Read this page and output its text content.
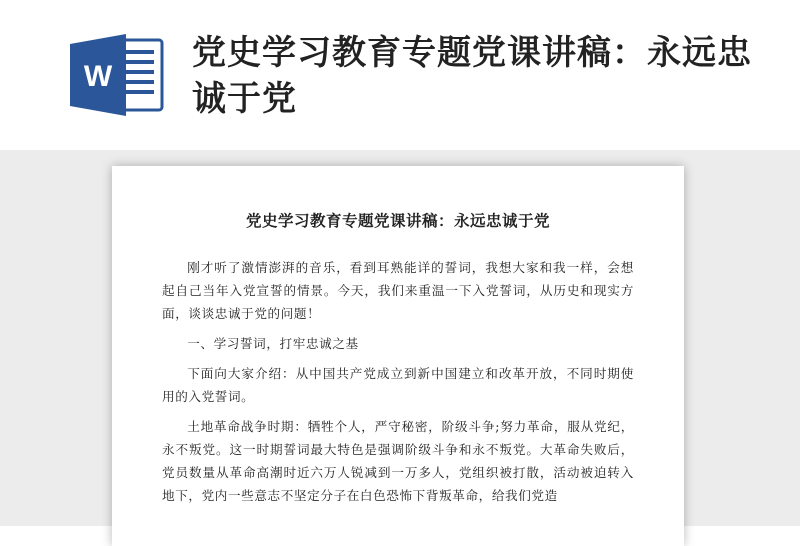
W
党史学习教育专题党课讲稿：永远忠诚于党
党史学习教育专题党课讲稿：永远忠诚于党

刚才听了激情澎湃的音乐，看到耳熟能详的誓词，我想大家和我一样，会想起自己当年入党宣誓的情景。今天，我们来重温一下入党誓词，从历史和现实方面，谈谈忠诚于党的问题！

一、学习誓词，打牢忠诚之基

下面向大家介绍：从中国共产党成立到新中国建立和改革开放，不同时期使用的入党誓词。

土地革命战争时期：牺牲个人，严守秘密，阶级斗争;努力革命，服从党纪，永不叛党。这一时期誓词最大特色是强调阶级斗争和永不叛党。大革命失败后，党员数量从革命高潮时近六万人锐减到一万多人，党组织被打散，活动被迫转入地下，党内一些意志不坚定分子在白色恐怖下背叛革命，给我们党造
